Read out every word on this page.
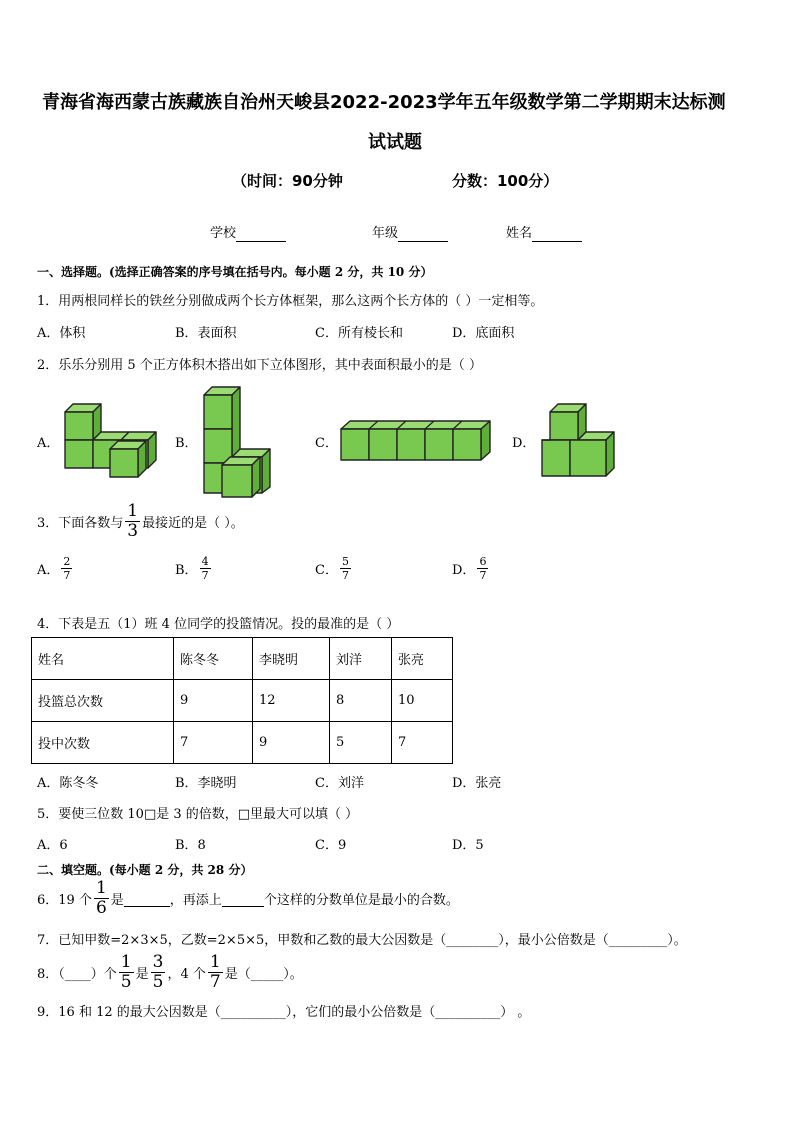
青海省海西蒙古族藏族自治州天峻县2022-2023学年五年级数学第二学期期末达标测
试试题
（时间：90分钟	分数：100分）
学校	年级	姓名
一、选择题。(选择正确答案的序号填在括号内。每小题 2 分，共 10 分）
1．用两根同样长的铁丝分别做成两个长方体框架，那么这两个长方体的（ ）一定相等。
A．体积	B．表面积	C．所有棱长和	D．底面积
2．乐乐分别用 5 个正方体积木搭出如下立体图形，其中表面积最小的是（ ）
A．	B．	C．	D．
3．下面各数与 $\frac{1}{3}$ 最接近的是（ ）。
A． $\frac{2}{7}$	B． $\frac{4}{7}$	C． $\frac{5}{7}$	D． $\frac{6}{7}$
4．下表是五（1）班 4 位同学的投篮情况。投的最准的是（ ）
姓名	陈冬冬	李晓明	刘洋	张亮
投篮总次数	9	12	8	10
投中次数	7	9	5	7
A．陈冬冬	B．李晓明	C．刘洋	D．张亮
5．要使三位数 10□是 3 的倍数，□里最大可以填（ ）
A．6	B．8	C．9	D．5
二、填空题。(每小题 2 分，共 28 分）
6．19 个 $\frac{1}{6}$ 是
	，再添上
	个这样的分数单位是最小的合数。
7．已知甲数=2×3×5，乙数=2×5×5，甲数和乙数的最大公因数是（________），最小公倍数是（_________）。
8．（____）个 $\frac{1}{5}$ 是 $\frac{3}{5}$ ，4 个 $\frac{1}{7}$ 是（_____）。
9．16 和 12 的最大公因数是（__________），它们的最小公倍数是（__________） 。
